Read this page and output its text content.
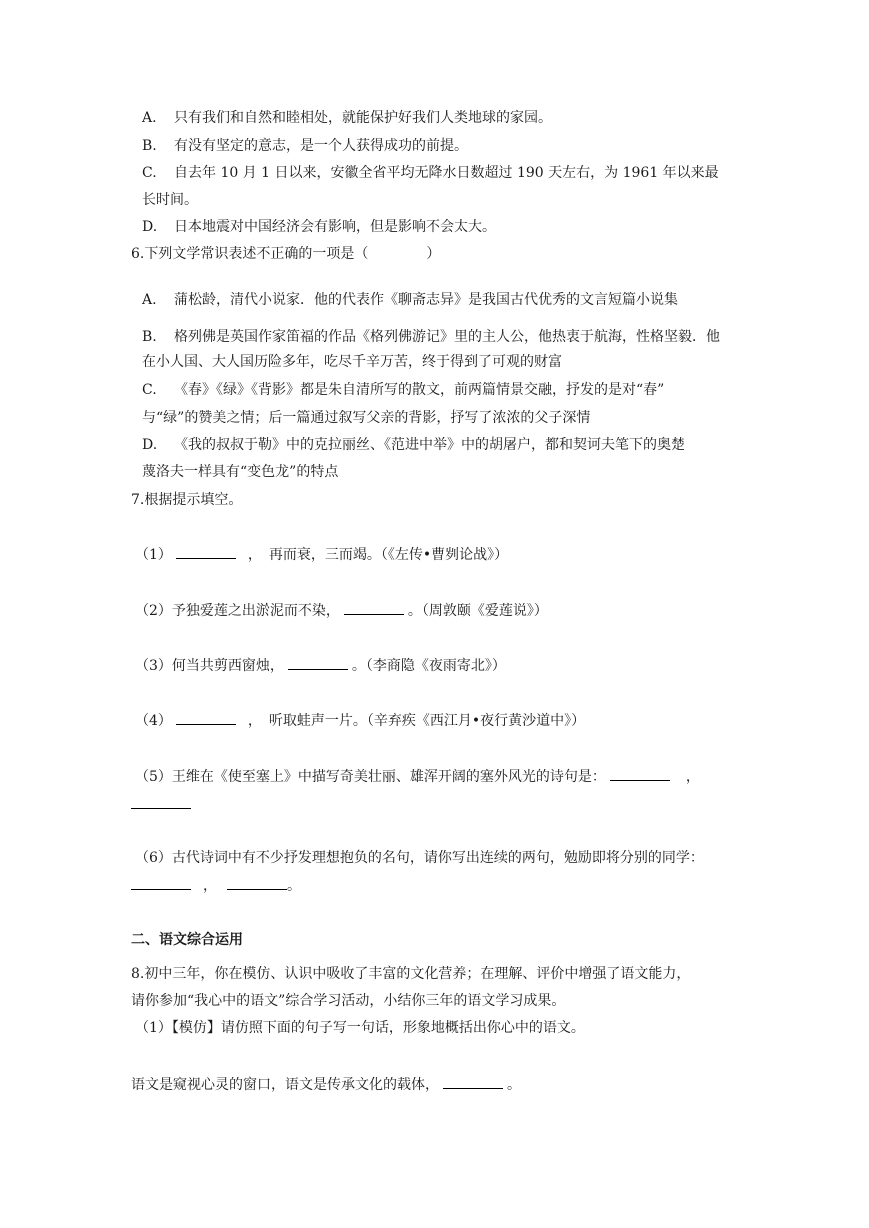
A. 只有我们和自然和睦相处，就能保护好我们人类地球的家园。
B. 有没有坚定的意志，是一个人获得成功的前提。
C. 自去年 10 月 1 日以来，安徽全省平均无降水日数超过 190 天左右，为 1961 年以来最
长时间。
D. 日本地震对中国经济会有影响，但是影响不会太大。
6.下列文学常识表述不正确的一项是（	）
A. 蒲松龄，清代小说家．他的代表作《聊斋志异》是我国古代优秀的文言短篇小说集
B. 格列佛是英国作家笛福的作品《格列佛游记》里的主人公，他热衷于航海，性格坚毅．他
在小人国、大人国历险多年，吃尽千辛万苦，终于得到了可观的财富
C. 《春》《绿》《背影》都是朱自清所写的散文，前两篇情景交融，抒发的是对“春”
与“绿”的赞美之情；后一篇通过叙写父亲的背影，抒写了浓浓的父子深情
D. 《我的叔叔于勒》中的克拉丽丝、《范进中举》中的胡屠户，都和契诃夫笔下的奥楚
蔑洛夫一样具有“变色龙”的特点
7.根据提示填空。
（1）	，　再而衰，三而竭。（《左传•曹刿论战》）
（2）予独爱莲之出淤泥而不染，	。（周敦颐《爱莲说》）
（3）何当共剪西窗烛，	。（李商隐《夜雨寄北》）
（4）	，　听取蛙声一片。（辛弃疾《西江月•夜行黄沙道中》）
（5）王维在《使至塞上》中描写奇美壮丽、雄浑开阔的塞外风光的诗句是：	，
（6）古代诗词中有不少抒发理想抱负的名句，请你写出连续的两句，勉励即将分别的同学：
，	。
二、语文综合运用
8.初中三年，你在模仿、认识中吸收了丰富的文化营养；在理解、评价中增强了语文能力，
请你参加“我心中的语文”综合学习活动，小结你三年的语文学习成果。
（1）【模仿】请仿照下面的句子写一句话，形象地概括出你心中的语文。
语文是窥视心灵的窗口，语文是传承文化的载体，	。
